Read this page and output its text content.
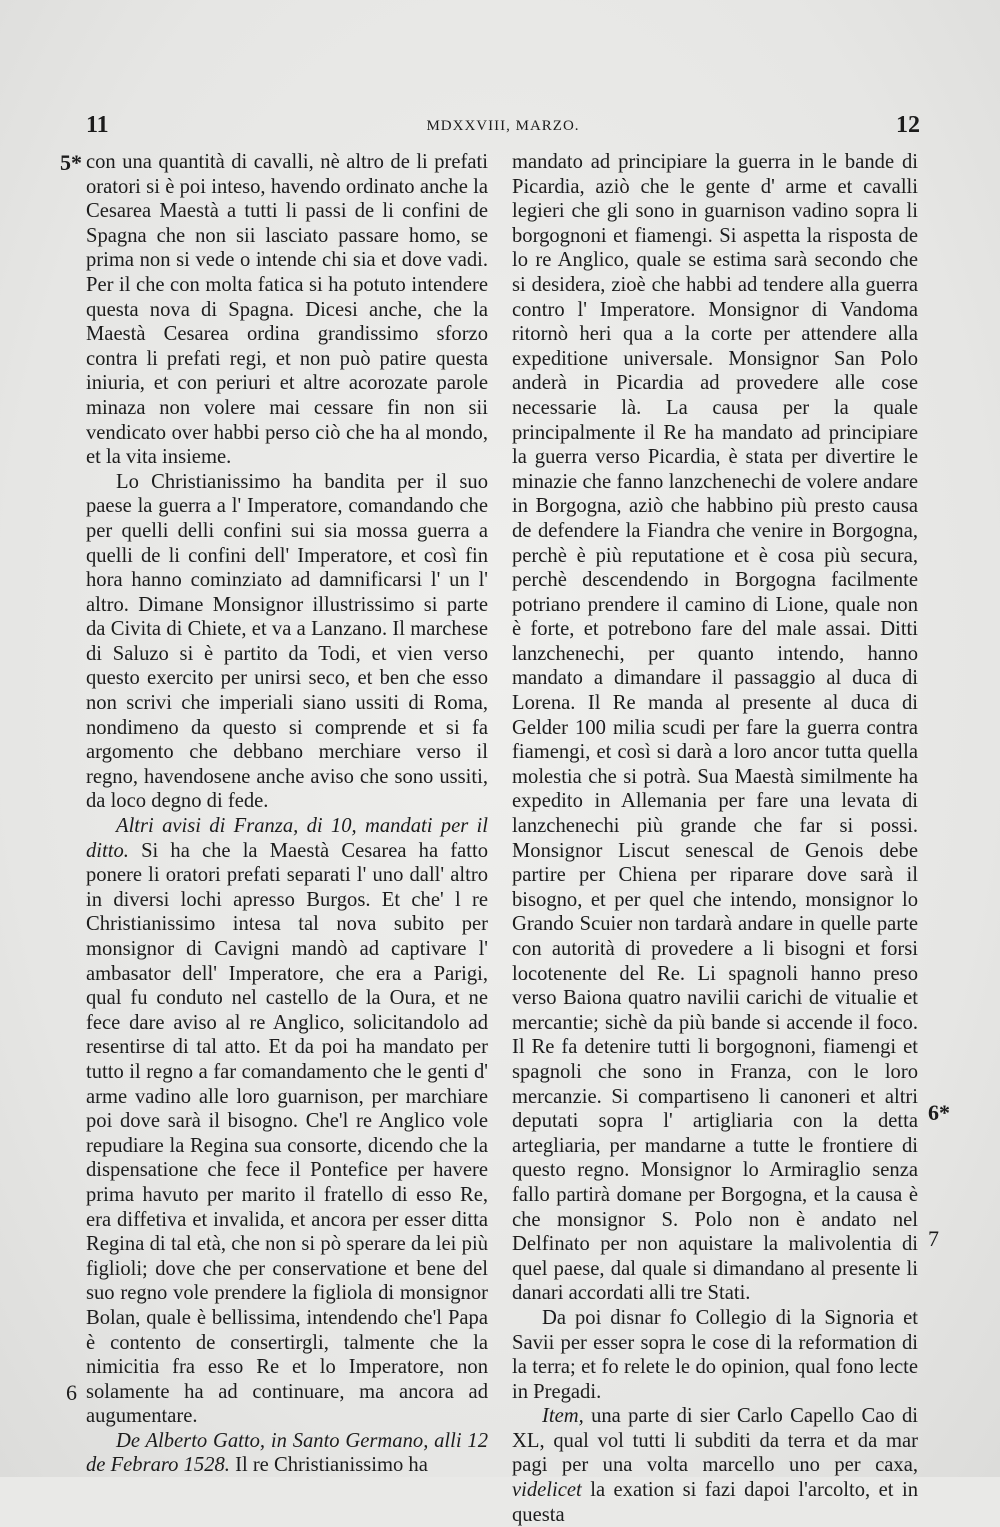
11	MDXXVIII, MARZO.	12
5*
6
6*
7

con una quantità di cavalli, nè altro de li prefati oratori si è poi inteso, havendo ordinato anche la Cesarea Maestà a tutti li passi de li confini de Spagna che non sii lasciato passare homo, se prima non si vede o intende chi sia et dove vadi. Per il che con molta fatica si ha potuto intendere questa nova di Spagna. Dicesi anche, che la Maestà Cesarea ordina grandissimo sforzo contra li prefati regi, et non può patire questa iniuria, et con periuri et altre acorozate parole minaza non volere mai cessare fin non sii vendicato over habbi perso ciò che ha al mondo, et la vita insieme.

Lo Christianissimo ha bandita per il suo paese la guerra a l' Imperatore, comandando che per quelli delli confini sui sia mossa guerra a quelli de li confini dell' Imperatore, et così fin hora hanno cominziato ad damnificarsi l' un l' altro. Dimane Monsignor illustrissimo si parte da Civita di Chiete, et va a Lanzano. Il marchese di Saluzo si è partito da Todi, et vien verso questo exercito per unirsi seco, et ben che esso non scrivi che imperiali siano ussiti di Roma, nondimeno da questo si comprende et si fa argomento che debbano merchiare verso il regno, havendosene anche aviso che sono ussiti, da loco degno di fede.

Altri avisi di Franza, di 10, mandati per il ditto. Si ha che la Maestà Cesarea ha fatto ponere li oratori prefati separati l' uno dall' altro in diversi lochi apresso Burgos. Et che' l re Christianissimo intesa tal nova subito per monsignor di Cavigni mandò ad captivare l' ambasator dell' Imperatore, che era a Parigi, qual fu conduto nel castello de la Oura, et ne fece dare aviso al re Anglico, solicitandolo ad resentirse di tal atto. Et da poi ha mandato per tutto il regno a far comandamento che le genti d' arme vadino alle loro guarnison, per marchiare poi dove sarà il bisogno. Che'l re Anglico vole repudiare la Regina sua consorte, dicendo che la dispensatione che fece il Pontefice per havere prima havuto per marito il fratello di esso Re, era diffetiva et invalida, et ancora per esser ditta Regina di tal età, che non si pò sperare da lei più figlioli; dove che per conservatione et bene del suo regno vole prendere la figliola di monsignor Bolan, quale è bellissima, intendendo che'l Papa è contento de consertirgli, talmente che la nimicitia fra esso Re et lo Imperatore, non solamente ha ad continuare, ma ancora ad augumentare.

De Alberto Gatto, in Santo Germano, alli 12 de Febraro 1528. Il re Christianissimo ha

mandato ad principiare la guerra in le bande di Picardia, aziò che le gente d' arme et cavalli legieri che gli sono in guarnison vadino sopra li borgognoni et fiamengi. Si aspetta la risposta de lo re Anglico, quale se estima sarà secondo che si desidera, zioè che habbi ad tendere alla guerra contro l' Imperatore. Monsignor di Vandoma ritornò heri qua a la corte per attendere alla expeditione universale. Monsignor San Polo anderà in Picardia ad provedere alle cose necessarie là. La causa per la quale principalmente il Re ha mandato ad principiare la guerra verso Picardia, è stata per divertire le minazie che fanno lanzchenechi de volere andare in Borgogna, aziò che habbino più presto causa de defendere la Fiandra che venire in Borgogna, perchè è più reputatione et è cosa più secura, perchè descendendo in Borgogna facilmente potriano prendere il camino di Lione, quale non è forte, et potrebono fare del male assai. Ditti lanzchenechi, per quanto intendo, hanno mandato a dimandare il passaggio al duca di Lorena. Il Re manda al presente al duca di Gelder 100 milia scudi per fare la guerra contra fiamengi, et così si darà a loro ancor tutta quella molestia che si potrà. Sua Maestà similmente ha expedito in Allemania per fare una levata di lanzchenechi più grande che far si possi. Monsignor Liscut senescal de Genois debe partire per Chiena per riparare dove sarà il bisogno, et per quel che intendo, monsignor lo Grando Scuier non tardarà andare in quelle parte con autorità di provedere a li bisogni et forsi locotenente del Re. Li spagnoli hanno preso verso Baiona quatro navilii carichi de vitualie et mercantie; sichè da più bande si accende il foco. Il Re fa detenire tutti li borgognoni, fiamengi et spagnoli che sono in Franza, con le loro mercanzie. Si compartiseno li canoneri et altri deputati sopra l' artigliaria con la detta artegliaria, per mandarne a tutte le frontiere di questo regno. Monsignor lo Armiraglio senza fallo partirà domane per Borgogna, et la causa è che monsignor S. Polo non è andato nel Delfinato per non aquistare la malivolentia di quel paese, dal quale si dimandano al presente li danari accordati alli tre Stati.

Da poi disnar fo Collegio di la Signoria et Savii per esser sopra le cose di la reformation di la terra; et fo relete le do opinion, qual fono lecte in Pregadi.

Item, una parte di sier Carlo Capello Cao di XL, qual vol tutti li subditi da terra et da mar pagi per una volta marcello uno per caxa, videlicet la exation si fazi dapoi l'arcolto, et in questa
